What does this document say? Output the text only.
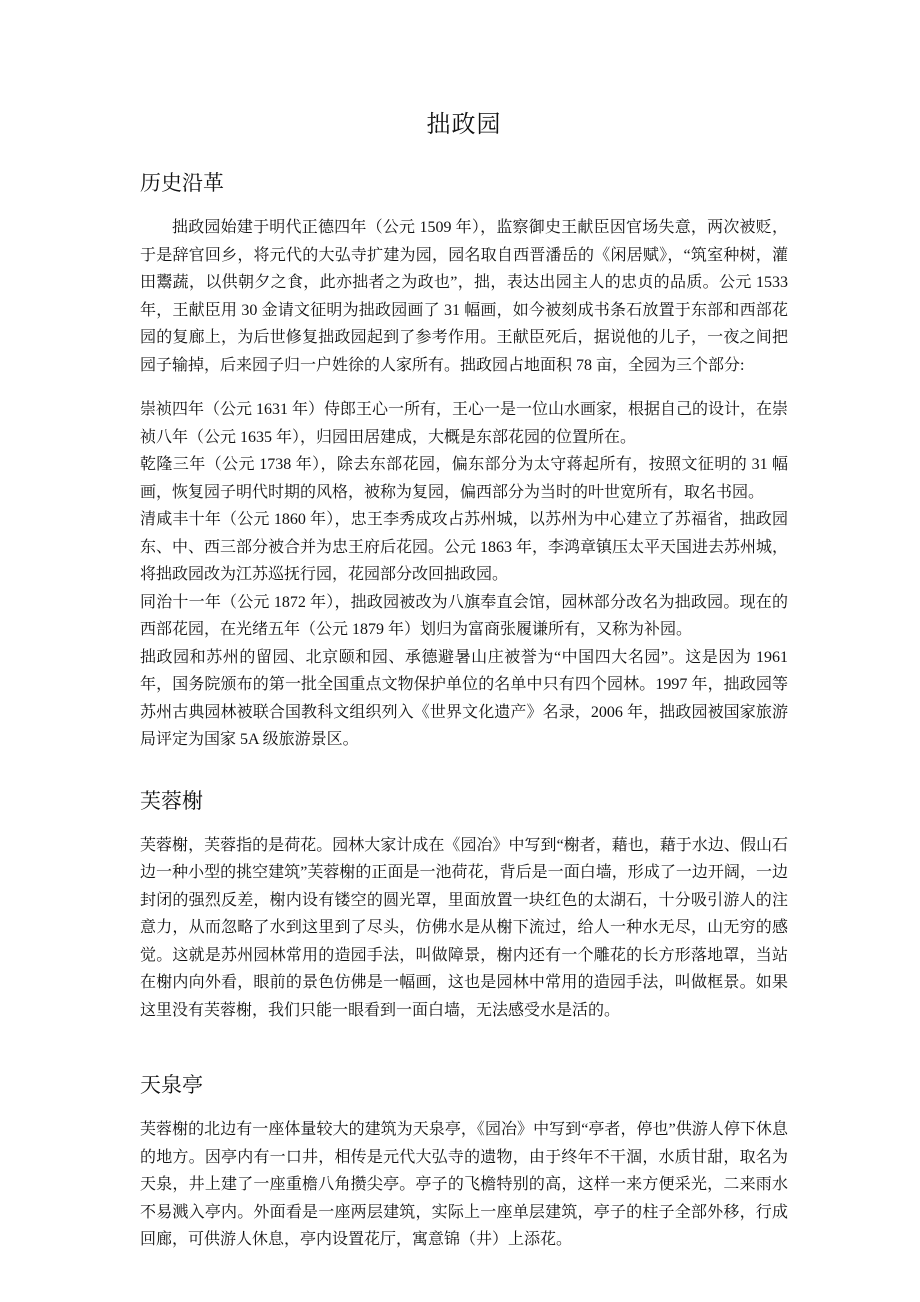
拙政园
历史沿革

拙政园始建于明代正德四年（公元 1509 年），监察御史王献臣因官场失意，两次被贬，于是辞官回乡，将元代的大弘寺扩建为园，园名取自西晋潘岳的《闲居赋》，“筑室种树，灌田鬻蔬，以供朝夕之食，此亦拙者之为政也”，拙，表达出园主人的忠贞的品质。公元 1533 年，王献臣用 30 金请文征明为拙政园画了 31 幅画，如今被刻成书条石放置于东部和西部花园的复廊上，为后世修复拙政园起到了参考作用。王献臣死后，据说他的儿子，一夜之间把园子输掉，后来园子归一户姓徐的人家所有。拙政园占地面积 78 亩，全园为三个部分:

崇祯四年（公元 1631 年）侍郎王心一所有，王心一是一位山水画家，根据自己的设计，在崇祯八年（公元 1635 年），归园田居建成，大概是东部花园的位置所在。

乾隆三年（公元 1738 年），除去东部花园，偏东部分为太守蒋起所有，按照文征明的 31 幅画，恢复园子明代时期的风格，被称为复园，偏西部分为当时的叶世宽所有，取名书园。

清咸丰十年（公元 1860 年），忠王李秀成攻占苏州城，以苏州为中心建立了苏福省，拙政园东、中、西三部分被合并为忠王府后花园。公元 1863 年，李鸿章镇压太平天国进去苏州城，将拙政园改为江苏巡抚行园，花园部分改回拙政园。

同治十一年（公元 1872 年），拙政园被改为八旗奉直会馆，园林部分改名为拙政园。现在的西部花园，在光绪五年（公元 1879 年）划归为富商张履谦所有，又称为补园。

拙政园和苏州的留园、北京颐和园、承德避暑山庄被誉为“中国四大名园”。这是因为 1961 年，国务院颁布的第一批全国重点文物保护单位的名单中只有四个园林。1997 年，拙政园等苏州古典园林被联合国教科文组织列入《世界文化遗产》名录，2006 年，拙政园被国家旅游局评定为国家 5A 级旅游景区。

芙蓉榭

芙蓉榭，芙蓉指的是荷花。园林大家计成在《园冶》中写到“榭者，藉也，藉于水边、假山石边一种小型的挑空建筑”芙蓉榭的正面是一池荷花，背后是一面白墙，形成了一边开阔，一边封闭的强烈反差，榭内设有镂空的圆光罩，里面放置一块红色的太湖石，十分吸引游人的注意力，从而忽略了水到这里到了尽头，仿佛水是从榭下流过，给人一种水无尽，山无穷的感觉。这就是苏州园林常用的造园手法，叫做障景，榭内还有一个雕花的长方形落地罩，当站在榭内向外看，眼前的景色仿佛是一幅画，这也是园林中常用的造园手法，叫做框景。如果这里没有芙蓉榭，我们只能一眼看到一面白墙，无法感受水是活的。

天泉亭

芙蓉榭的北边有一座体量较大的建筑为天泉亭，《园冶》中写到“亭者，停也”供游人停下休息的地方。因亭内有一口井，相传是元代大弘寺的遗物，由于终年不干涸，水质甘甜，取名为天泉，井上建了一座重檐八角攒尖亭。亭子的飞檐特别的高，这样一来方便采光，二来雨水不易溅入亭内。外面看是一座两层建筑，实际上一座单层建筑，亭子的柱子全部外移，行成回廊，可供游人休息，亭内设置花厅，寓意锦（井）上添花。
